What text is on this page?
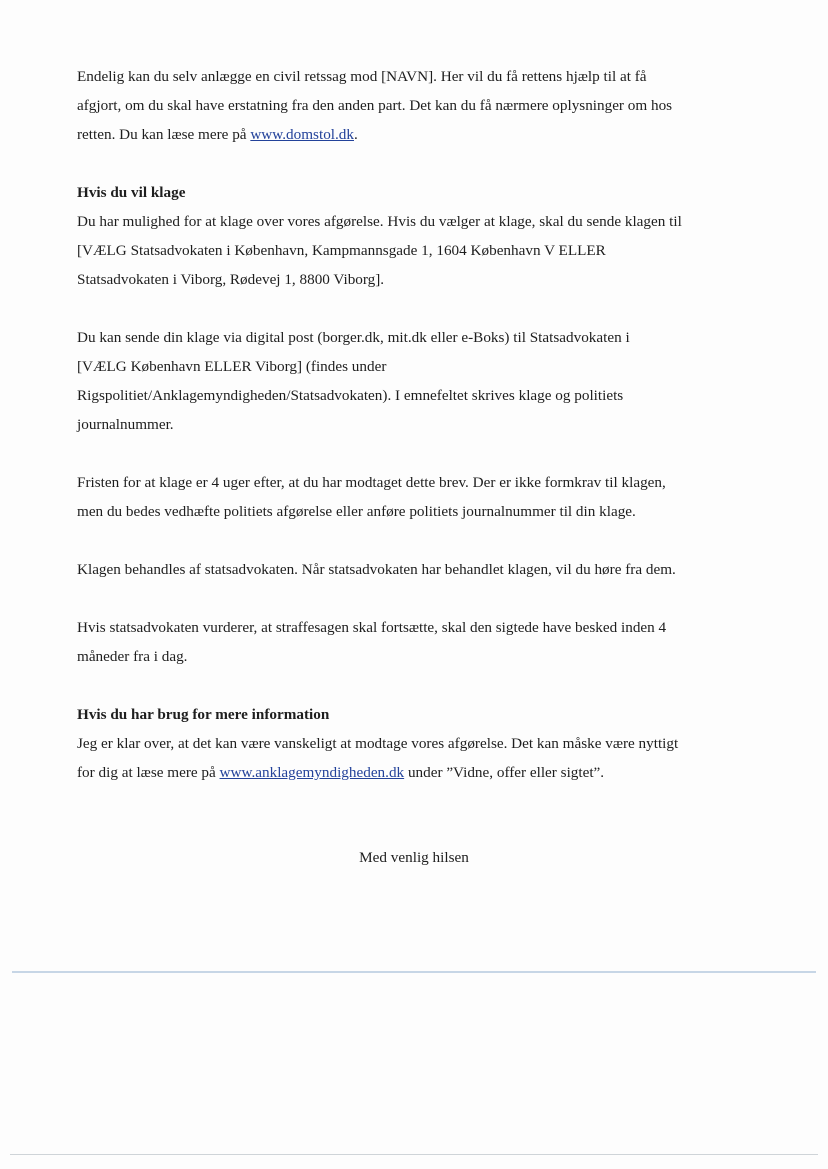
Endelig kan du selv anlægge en civil retssag mod [NAVN]. Her vil du få rettens hjælp til at få
afgjort, om du skal have erstatning fra den anden part. Det kan du få nærmere oplysninger om hos
retten. Du kan læse mere på www.domstol.dk.

Hvis du vil klage
Du har mulighed for at klage over vores afgørelse. Hvis du vælger at klage, skal du sende klagen til
[VÆLG Statsadvokaten i København, Kampmannsgade 1, 1604 København V ELLER
Statsadvokaten i Viborg, Rødevej 1, 8800 Viborg].

Du kan sende din klage via digital post (borger.dk, mit.dk eller e-Boks) til Statsadvokaten i
[VÆLG København ELLER Viborg] (findes under
Rigspolitiet/Anklagemyndigheden/Statsadvokaten). I emnefeltet skrives klage og politiets
journalnummer.

Fristen for at klage er 4 uger efter, at du har modtaget dette brev. Der er ikke formkrav til klagen,
men du bedes vedhæfte politiets afgørelse eller anføre politiets journalnummer til din klage.

Klagen behandles af statsadvokaten. Når statsadvokaten har behandlet klagen, vil du høre fra dem.

Hvis statsadvokaten vurderer, at straffesagen skal fortsætte, skal den sigtede have besked inden 4
måneder fra i dag.

Hvis du har brug for mere information
Jeg er klar over, at det kan være vanskeligt at modtage vores afgørelse. Det kan måske være nyttigt
for dig at læse mere på www.anklagemyndigheden.dk under ”Vidne, offer eller sigtet”.

Med venlig hilsen
